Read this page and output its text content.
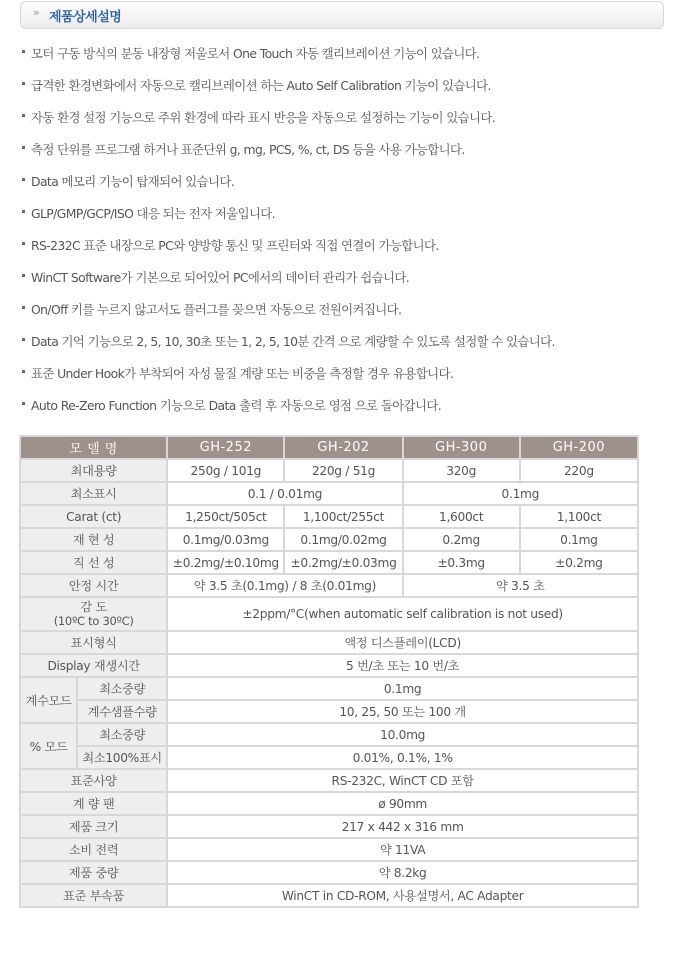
» 제품상세설명
모터 구동 방식의 분동 내장형 저울로서 One Touch 자동 캘리브레이션 기능이 있습니다.
급격한 환경변화에서 자동으로 캘리브레이션 하는 Auto Self Calibration 기능이 있습니다.
자동 환경 설정 기능으로 주위 환경에 따라 표시 반응을 자동으로 설정하는 기능이 있습니다.
측정 단위를 프로그램 하거나 표준단위 g, mg, PCS, %, ct, DS 등을 사용 가능합니다.
Data 메모리 기능이 탑재되어 있습니다.
GLP/GMP/GCP/ISO 대응 되는 전자 저울입니다.
RS-232C 표준 내장으로 PC와 양방향 통신 및 프린터와 직접 연결이 가능합니다.
WinCT Software가 기본으로 되어있어 PC에서의 데이터 관리가 쉽습니다.
On/Off 키를 누르지 않고서도 플러그를 꽂으면 자동으로 전원이켜집니다.
Data 기억 기능으로 2, 5, 10, 30초 또는 1, 2, 5, 10분 간격 으로 계량할 수 있도록 설정할 수 있습니다.
표준 Under Hook가 부착되어 자성 물질 계량 또는 비중을 측정할 경우 유용합니다.
Auto Re-Zero Function 기능으로 Data 출력 후 자동으로 영점 으로 돌아갑니다.
모 델 명		GH-252	GH-202	GH-300	GH-200
최대용량		250g / 101g	220g / 51g	320g	220g
최소표시		0.1 / 0.01mg		0.1mg	
Carat (ct)		1,250ct/505ct	1,100ct/255ct	1,600ct	1,100ct
재 현 성		0.1mg/0.03mg	0.1mg/0.02mg	0.2mg	0.1mg
직 선 성		±0.2mg/±0.10mg	±0.2mg/±0.03mg	±0.3mg	±0.2mg
안정 시간		약 3.5 초(0.1mg) / 8 초(0.01mg)		약 3.5 초	

감 도
(10ºC to 30ºC)		±2ppm/°C(when automatic self calibration is not used)			
표시형식		액정 디스플레이(LCD)			
Display 재생시간		5 번/초 또는 10 번/초			
계수모드	최소중량	0.1mg			
	계수샘플수량	10, 25, 50 또는 100 개			
% 모드	최소중량	10.0mg			
	최소100%표시	0.01%, 0.1%, 1%			
표준사양		RS-232C, WinCT CD 포함			
계 량 팬		ø 90mm			
제품 크기		217 x 442 x 316 mm			
소비 전력		약 11VA			
제품 중량		약 8.2kg			
표준 부속품		WinCT in CD-ROM, 사용설명서, AC Adapter			
